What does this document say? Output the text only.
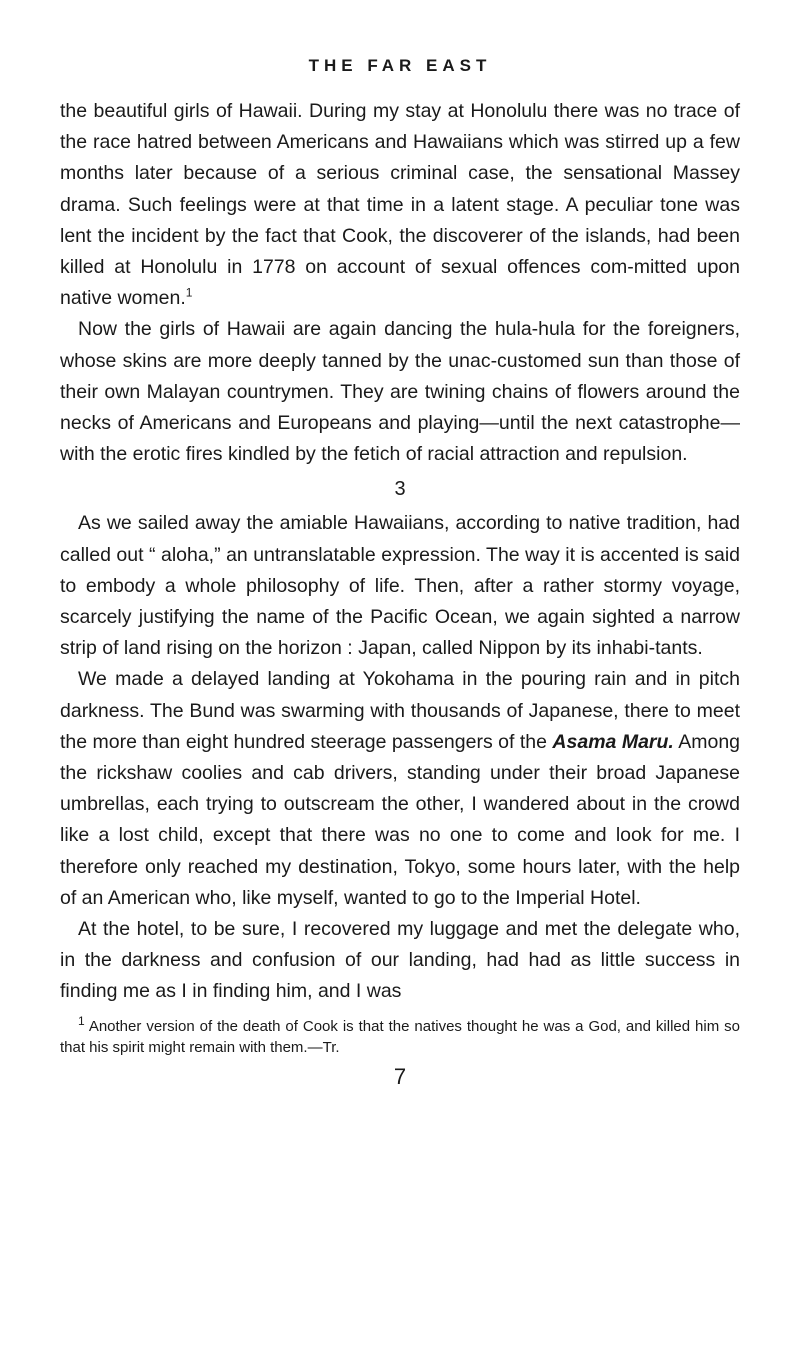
THE FAR EAST

the beautiful girls of Hawaii. During my stay at Honolulu there was no trace of the race hatred between Americans and Hawaiians which was stirred up a few months later because of a serious criminal case, the sensational Massey drama. Such feelings were at that time in a latent stage. A peculiar tone was lent the incident by the fact that Cook, the discoverer of the islands, had been killed at Honolulu in 1778 on account of sexual offences com-mitted upon native women.$^1$

Now the girls of Hawaii are again dancing the hula-hula for the foreigners, whose skins are more deeply tanned by the unac-customed sun than those of their own Malayan countrymen. They are twining chains of flowers around the necks of Americans and Europeans and playing—until the next catastrophe—with the erotic fires kindled by the fetich of racial attraction and repulsion.

3

As we sailed away the amiable Hawaiians, according to native tradition, had called out “ aloha,” an untranslatable expression. The way it is accented is said to embody a whole philosophy of life. Then, after a rather stormy voyage, scarcely justifying the name of the Pacific Ocean, we again sighted a narrow strip of land rising on the horizon : Japan, called Nippon by its inhabi-tants.

We made a delayed landing at Yokohama in the pouring rain and in pitch darkness. The Bund was swarming with thousands of Japanese, there to meet the more than eight hundred steerage passengers of the Asama Maru. Among the rickshaw coolies and cab drivers, standing under their broad Japanese umbrellas, each trying to outscream the other, I wandered about in the crowd like a lost child, except that there was no one to come and look for me. I therefore only reached my destination, Tokyo, some hours later, with the help of an American who, like myself, wanted to go to the Imperial Hotel.

At the hotel, to be sure, I recovered my luggage and met the delegate who, in the darkness and confusion of our landing, had had as little success in finding me as I in finding him, and I was

$^1$ Another version of the death of Cook is that the natives thought he was a God, and killed him so that his spirit might remain with them.—Tr.

7
